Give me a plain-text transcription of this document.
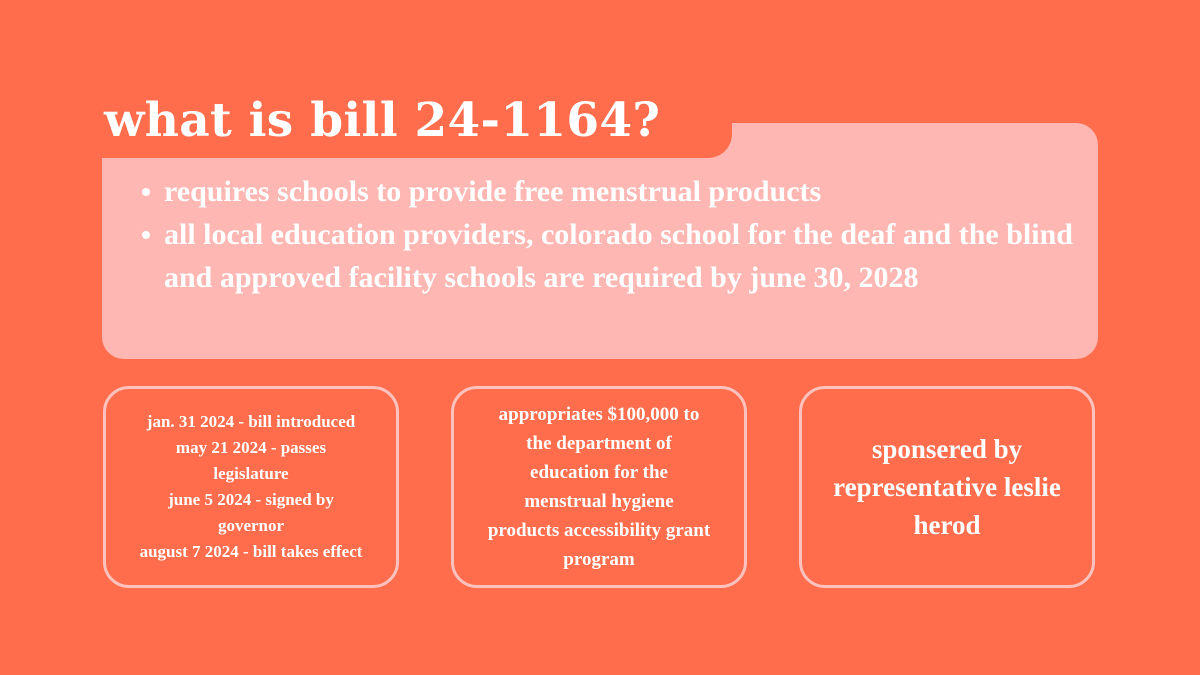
what is bill 24-1164?
requires schools to provide free menstrual products
all local education providers, colorado school for the deaf and the blind and approved facility schools are required by june 30, 2028
jan. 31 2024 - bill introduced
may 21 2024 - passes
legislature
june 5 2024 - signed by
governor
august 7 2024 - bill takes effect
appropriates $100,000 to
the department of
education for the
menstrual hygiene
products accessibility grant
program
sponsered by
representative leslie
herod
